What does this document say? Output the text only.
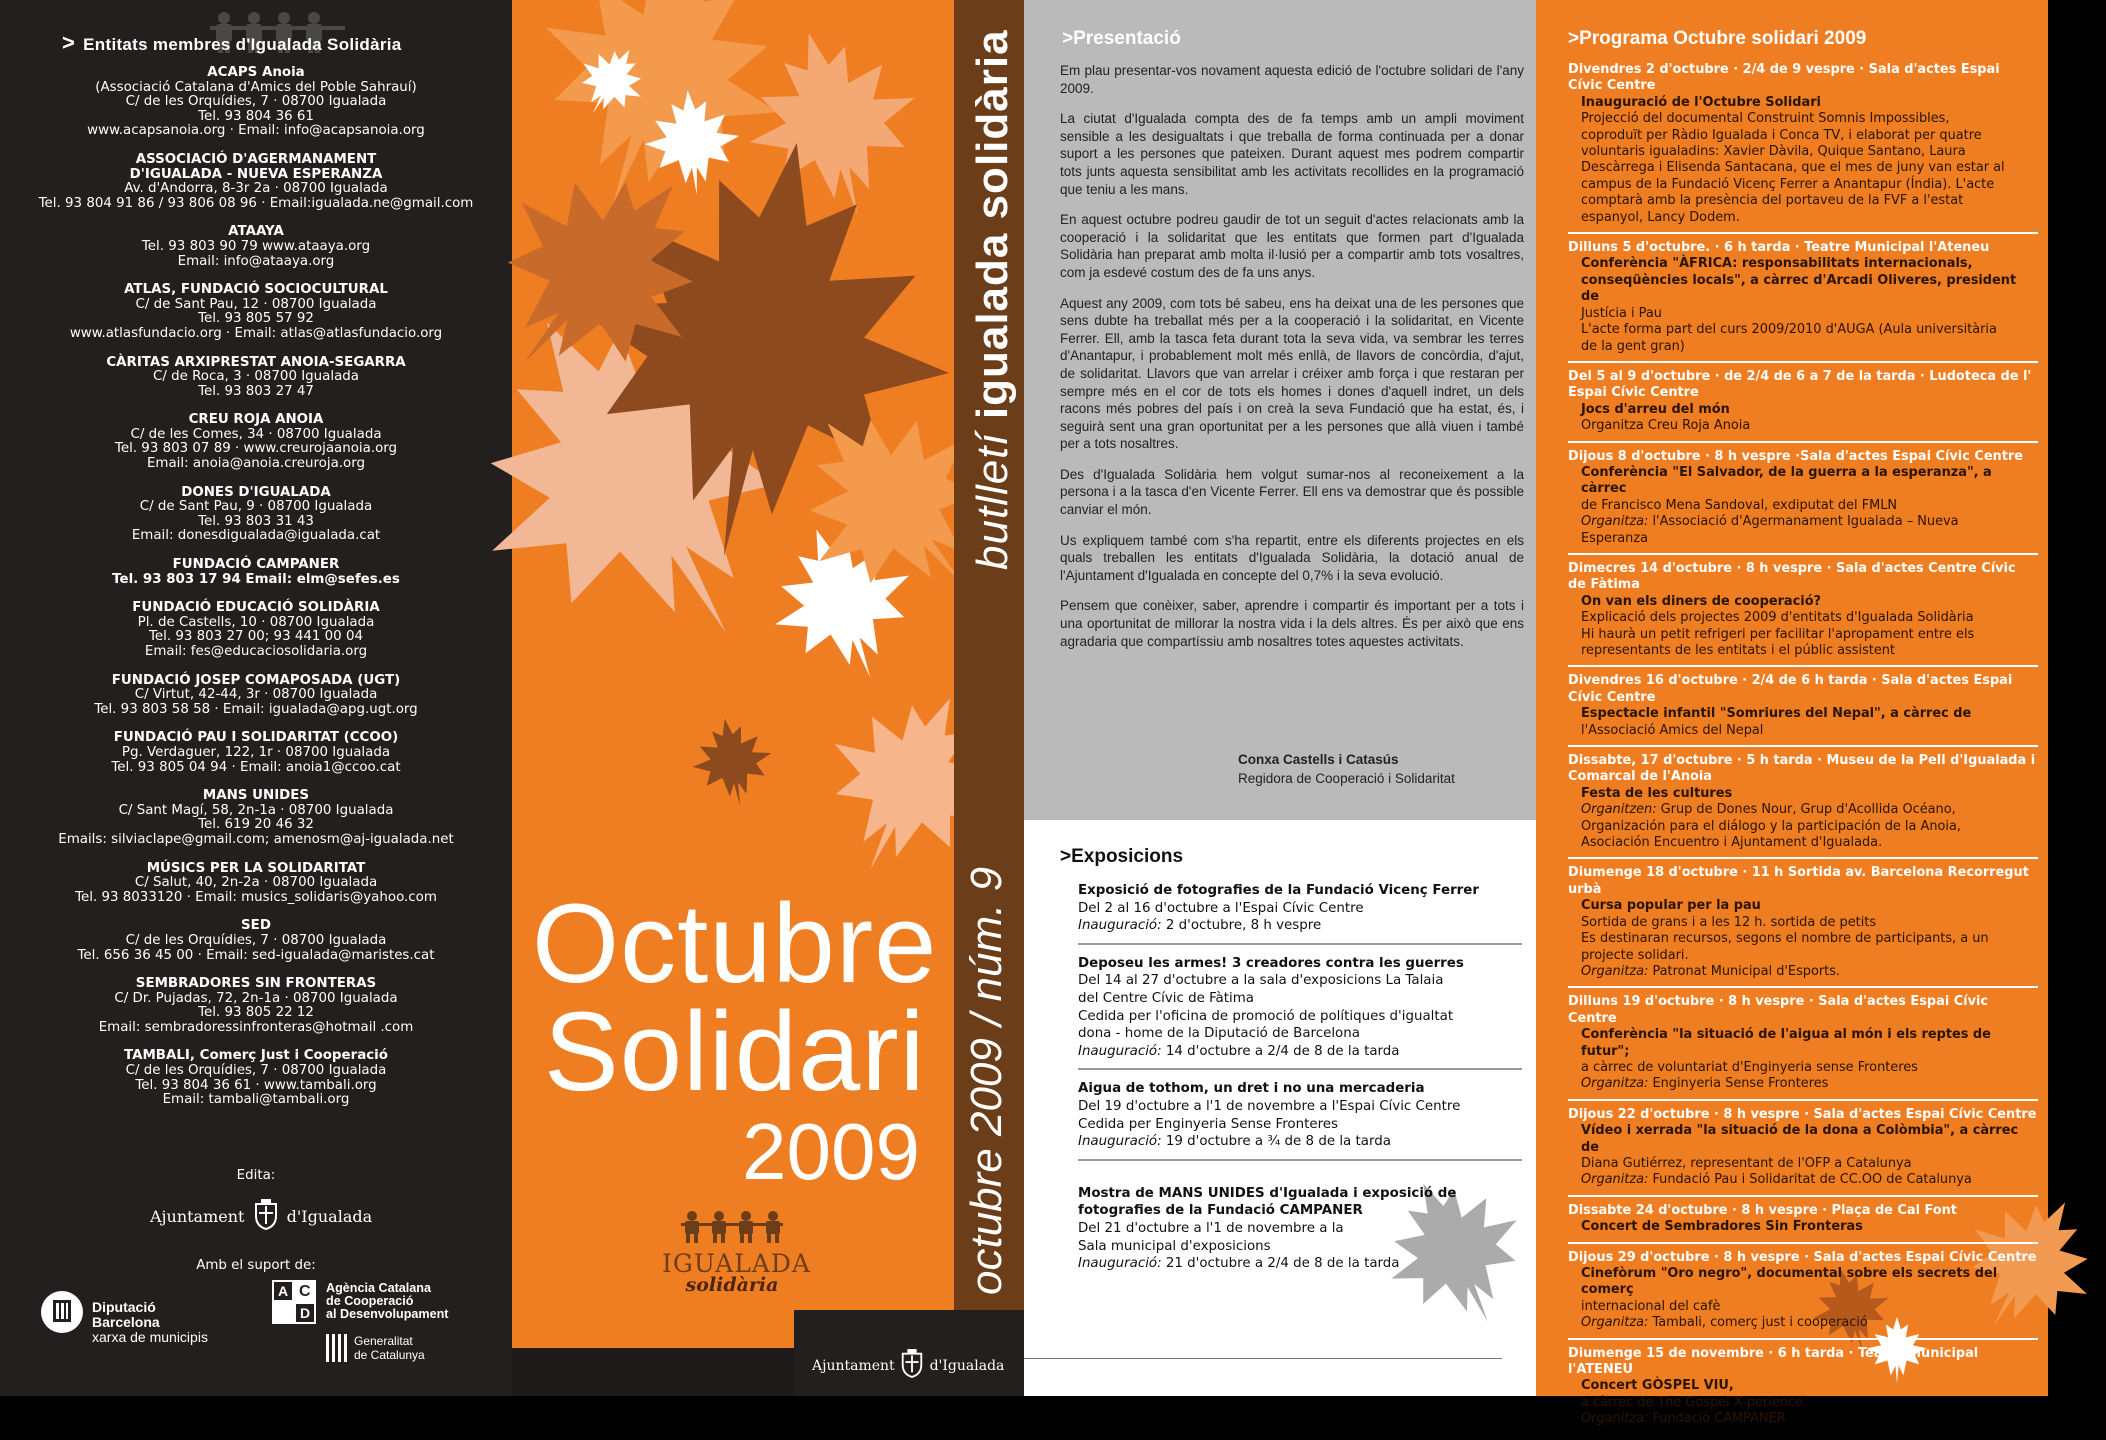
> Entitats membres d'Igualada Solidària
ACAPS Anoia
(Associació Catalana d'Amics del Poble Sahrauí)
C/ de les Orquídies, 7 · 08700 Igualada
Tel. 93 804 36 61
www.acapsanoia.org · Email: info@acapsanoia.org
ASSOCIACIÓ D'AGERMANAMENT
D'IGUALADA - NUEVA ESPERANZA
Av. d'Andorra, 8-3r 2a · 08700 Igualada
Tel. 93 804 91 86 / 93 806 08 96 · Email:igualada.ne@gmail.com
ATAAYA
Tel. 93 803 90 79 www.ataaya.org
Email: info@ataaya.org
ATLAS, FUNDACIÓ SOCIOCULTURAL
C/ de Sant Pau, 12 · 08700 Igualada
Tel. 93 805 57 92
www.atlasfundacio.org · Email: atlas@atlasfundacio.org
CÀRITAS ARXIPRESTAT ANOIA-SEGARRA
C/ de Roca, 3 · 08700 Igualada
Tel. 93 803 27 47
CREU ROJA ANOIA
C/ de les Comes, 34 · 08700 Igualada
Tel. 93 803 07 89 · www.creurojaanoia.org
Email: anoia@anoia.creuroja.org
DONES D'IGUALADA
C/ de Sant Pau, 9 · 08700 Igualada
Tel. 93 803 31 43
Email: donesdigualada@igualada.cat
FUNDACIÓ CAMPANER
Tel. 93 803 17 94 Email: elm@sefes.es
FUNDACIÓ EDUCACIÓ SOLIDÀRIA
Pl. de Castells, 10 · 08700 Igualada
Tel. 93 803 27 00; 93 441 00 04
Email: fes@educaciosolidaria.org
FUNDACIÓ JOSEP COMAPOSADA (UGT)
C/ Virtut, 42-44, 3r · 08700 Igualada
Tel. 93 803 58 58 · Email: igualada@apg.ugt.org
FUNDACIÓ PAU I SOLIDARITAT (CCOO)
Pg. Verdaguer, 122, 1r · 08700 Igualada
Tel. 93 805 04 94 · Email: anoia1@ccoo.cat
MANS UNIDES
C/ Sant Magí, 58, 2n-1a · 08700 Igualada
Tel. 619 20 46 32
Emails: silviaclape@gmail.com; amenosm@aj-igualada.net
MÚSICS PER LA SOLIDARITAT
C/ Salut, 40, 2n-2a · 08700 Igualada
Tel. 93 8033120 · Email: musics_solidaris@yahoo.com
SED
C/ de les Orquídies, 7 · 08700 Igualada
Tel. 656 36 45 00 · Email: sed-igualada@maristes.cat
SEMBRADORES SIN FRONTERAS
C/ Dr. Pujadas, 72, 2n-1a · 08700 Igualada
Tel. 93 805 22 12
Email: sembradoressinfronteras@hotmail .com
TAMBALI, Comerç Just i Cooperació
C/ de les Orquídies, 7 · 08700 Igualada
Tel. 93 804 36 61 · www.tambali.org
Email: tambali@tambali.org
Edita:
Ajuntament	d'Igualada
Amb el suport de:
Diputació
Barcelona
xarxa de municipis
A C
D
Agència Catalana
de Cooperació
al Desenvolupament
Generalitat
de Catalunya
butlletí igualada solidària
octubre 2009 / núm. 9
Octubre
Solidari
2009
IGUALADA
solidària
Ajuntament d'Igualada
>Presentació

Em plau presentar-vos novament aquesta edició de l'octubre solidari de l'any 2009.

La ciutat d'Igualada compta des de fa temps amb un ampli moviment sensible a les desigualtats i que treballa de forma continuada per a donar suport a les persones que pateixen. Durant aquest mes podrem compartir tots junts aquesta sensibilitat amb les activitats recollides en la programació que teniu a les mans.

En aquest octubre podreu gaudir de tot un seguit d'actes relacionats amb la cooperació i la solidaritat que les entitats que formen part d'Igualada Solidària han preparat amb molta il·lusió per a compartir amb tots vosaltres, com ja esdevé costum des de fa uns anys.

Aquest any 2009, com tots bé sabeu, ens ha deixat una de les persones que sens dubte ha treballat més per a la cooperació i la solidaritat, en Vicente Ferrer. Ell, amb la tasca feta durant tota la seva vida, va sembrar les terres d'Anantapur, i probablement molt més enllà, de llavors de concòrdia, d'ajut, de solidaritat. Llavors que van arrelar i créixer amb força i que restaran per sempre més en el cor de tots els homes i dones d'aquell indret, un dels racons més pobres del país i on creà la seva Fundació que ha estat, és, i seguirà sent una gran oportunitat per a les persones que allà viuen i també per a tots nosaltres.

Des d'Igualada Solidària hem volgut sumar-nos al reconeixement a la persona i a la tasca d'en Vicente Ferrer. Ell ens va demostrar que és possible canviar el món.

Us expliquem també com s'ha repartit, entre els diferents projectes en els quals treballen les entitats d'Igualada Solidària, la dotació anual de l'Ajuntament d'Igualada en concepte del 0,7% i la seva evolució.

Pensem que conèixer, saber, aprendre i compartir és important per a tots i una oportunitat de millorar la nostra vida i la dels altres. És per això que ens agradaria que compartíssiu amb nosaltres totes aquestes activitats.

Conxa Castells i Catasús
Regidora de Cooperació i Solidaritat
>Exposicions
Exposició de fotografies de la Fundació Vicenç Ferrer
Del 2 al 16 d'octubre a l'Espai Cívic Centre
Inauguració: 2 d'octubre, 8 h vespre
Deposeu les armes! 3 creadores contra les guerres
Del 14 al 27 d'octubre a la sala d'exposicions La Talaia
del Centre Cívic de Fàtima
Cedida per l'oficina de promoció de polítiques d'igualtat
dona - home de la Diputació de Barcelona
Inauguració: 14 d'octubre a 2/4 de 8 de la tarda
Aigua de tothom, un dret i no una mercaderia
Del 19 d'octubre a l'1 de novembre a l'Espai Cívic Centre
Cedida per Enginyeria Sense Fronteres
Inauguració: 19 d'octubre a ¾ de 8 de la tarda
Mostra de MANS UNIDES d'Igualada i exposició de
fotografies de la Fundació CAMPANER
Del 21 d'octubre a l'1 de novembre a la
Sala municipal d'exposicions
Inauguració: 21 d'octubre a 2/4 de 8 de la tarda
>Programa Octubre solidari 2009
Divendres 2 d'octubre · 2/4 de 9 vespre · Sala d'actes Espai Cívic Centre
Inauguració de l'Octubre Solidari
Projecció del documental Construint Somnis Impossibles,
coproduït per Ràdio Igualada i Conca TV, i elaborat per quatre
voluntaris igualadins: Xavier Dàvila, Quique Santano, Laura
Descàrrega i Elisenda Santacana, que el mes de juny van estar al
campus de la Fundació Vicenç Ferrer a Anantapur (Índia). L'acte
comptarà amb la presència del portaveu de la FVF a l'estat
espanyol, Lancy Dodem.
Dilluns 5 d'octubre. · 6 h tarda · Teatre Municipal l'Ateneu
Conferència "ÀFRICA: responsabilitats internacionals,
conseqüències locals", a càrrec d'Arcadi Oliveres, president de
Justícia i Pau
L'acte forma part del curs 2009/2010 d'AUGA (Aula universitària
de la gent gran)
Del 5 al 9 d'octubre · de 2/4 de 6 a 7 de la tarda · Ludoteca de l' Espai Cívic Centre
Jocs d'arreu del món
Organitza Creu Roja Anoia
Dijous 8 d'octubre · 8 h vespre ·Sala d'actes Espai Cívic Centre
Conferència "El Salvador, de la guerra a la esperanza", a càrrec
de Francisco Mena Sandoval, exdiputat del FMLN
Organitza: l'Associació d'Agermanament Igualada – Nueva
Esperanza
Dimecres 14 d'octubre · 8 h vespre · Sala d'actes Centre Cívic de Fàtima
On van els diners de cooperació?
Explicació dels projectes 2009 d'entitats d'Igualada Solidària
Hi haurà un petit refrigeri per facilitar l'apropament entre els
representants de les entitats i el públic assistent
Divendres 16 d'octubre · 2/4 de 6 h tarda · Sala d'actes Espai Cívic Centre
Espectacle infantil "Somriures del Nepal", a càrrec de
l'Associació Amics del Nepal
Dissabte, 17 d'octubre · 5 h tarda · Museu de la Pell d'Igualada i Comarcal de l'Anoia
Festa de les cultures
Organitzen: Grup de Dones Nour, Grup d'Acollida Océano,
Organización para el diálogo y la participación de la Anoia,
Asociación Encuentro i Ajuntament d'Igualada.
Diumenge 18 d'octubre · 11 h Sortida av. Barcelona Recorregut urbà
Cursa popular per la pau
Sortida de grans i a les 12 h. sortida de petits
Es destinaran recursos, segons el nombre de participants, a un
projecte solidari.
Organitza: Patronat Municipal d'Esports.
Dilluns 19 d'octubre · 8 h vespre · Sala d'actes Espai Cívic Centre
Conferència "la situació de l'aigua al món i els reptes de futur";
a càrrec de voluntariat d'Enginyeria sense Fronteres
Organitza: Enginyeria Sense Fronteres
Dijous 22 d'octubre · 8 h vespre · Sala d'actes Espai Cívic Centre
Vídeo i xerrada "la situació de la dona a Colòmbia", a càrrec de
Diana Gutiérrez, representant de l'OFP a Catalunya
Organitza: Fundació Pau i Solidaritat de CC.OO de Catalunya
Dissabte 24 d'octubre · 8 h vespre · Plaça de Cal Font
Concert de Sembradores Sin Fronteras
Dijous 29 d'octubre · 8 h vespre · Sala d'actes Espai Cívic Centre
Cinefòrum "Oro negro", documental sobre els secrets del comerç
internacional del cafè
Organitza: Tambali, comerç just i cooperació
Diumenge 15 de novembre · 6 h tarda · Teatre Municipal l'ATENEU
Concert GÒSPEL VIU,
a càrrec de The Gospel X-perience
Organitza: Fundació CAMPANER
